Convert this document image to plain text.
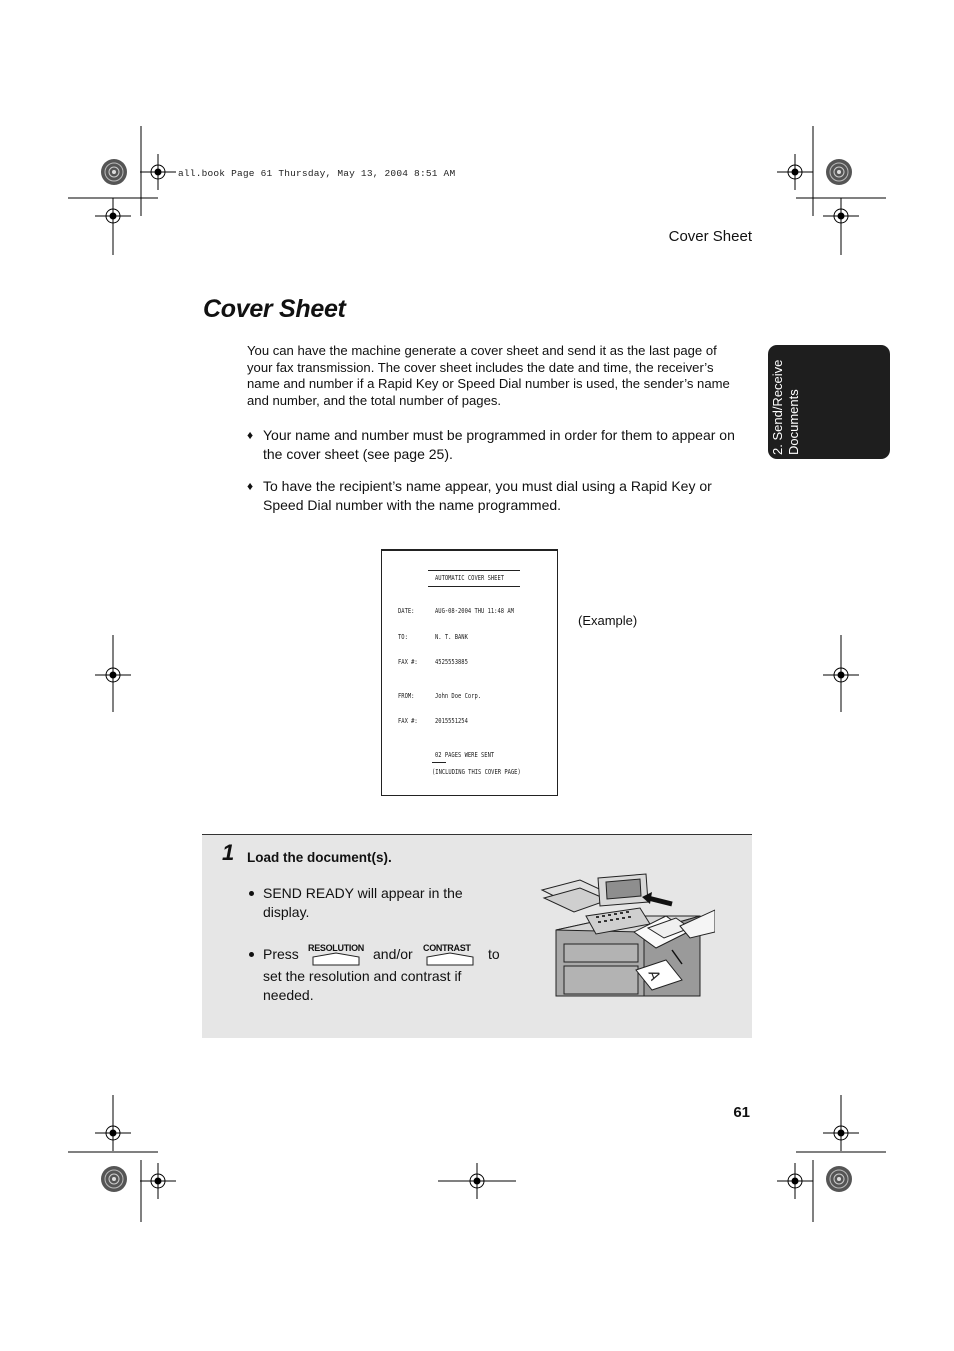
all.book Page 61 Thursday, May 13, 2004 8:51 AM
Cover Sheet
Cover Sheet
You can have the machine generate a cover sheet and send it as the last page of your fax transmission. The cover sheet includes the date and time, the receiver’s name and number if a Rapid Key or Speed Dial number is used, the sender’s name and number, and the total number of pages.
♦ Your name and number must be programmed in order for them to appear on the cover sheet (see page 25).
♦ To have the recipient’s name appear, you must dial using a Rapid Key or Speed Dial number with the name programmed.
2. Send/Receive Documents
AUTOMATIC COVER SHEET
DATE:	AUG-08-2004 THU 11:48 AM
TO:	N. T. BANK
FAX #: 4525553885
FROM:	John Doe Corp.
FAX #: 2015551254
02 PAGES WERE SENT
(INCLUDING THIS COVER PAGE)
(Example)
1 Load the document(s).
SEND READY will appear in the display.
Press RESOLUTION and/or CONTRAST to
set the resolution and contrast if needed.
A
61
